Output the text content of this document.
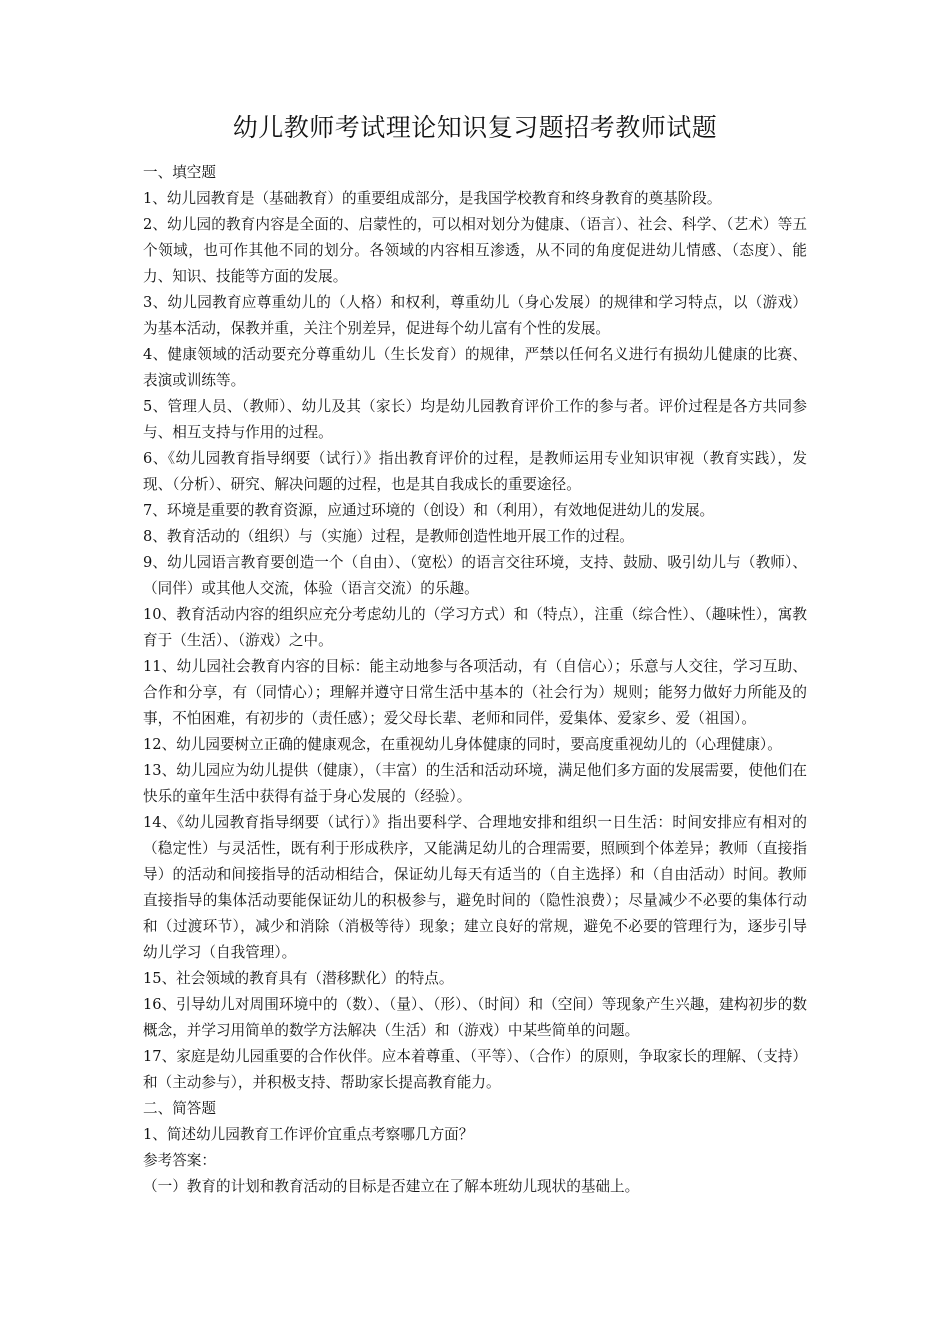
幼儿教师考试理论知识复习题招考教师试题

一、填空题

1、幼儿园教育是（基础教育）的重要组成部分，是我国学校教育和终身教育的奠基阶段。

2、幼儿园的教育内容是全面的、启蒙性的，可以相对划分为健康、（语言）、社会、科学、（艺术）等五个领域，也可作其他不同的划分。各领域的内容相互渗透，从不同的角度促进幼儿情感、（态度）、能力、知识、技能等方面的发展。

3、幼儿园教育应尊重幼儿的（人格）和权利，尊重幼儿（身心发展）的规律和学习特点，以（游戏）为基本活动，保教并重，关注个别差异，促进每个幼儿富有个性的发展。

4、健康领域的活动要充分尊重幼儿（生长发育）的规律，严禁以任何名义进行有损幼儿健康的比赛、表演或训练等。

5、管理人员、（教师）、幼儿及其（家长）均是幼儿园教育评价工作的参与者。评价过程是各方共同参与、相互支持与作用的过程。

6、《幼儿园教育指导纲要（试行）》指出教育评价的过程，是教师运用专业知识审视（教育实践），发现、（分析）、研究、解决问题的过程，也是其自我成长的重要途径。

7、环境是重要的教育资源，应通过环境的（创设）和（利用），有效地促进幼儿的发展。

8、教育活动的（组织）与（实施）过程，是教师创造性地开展工作的过程。

9、幼儿园语言教育要创造一个（自由）、（宽松）的语言交往环境，支持、鼓励、吸引幼儿与（教师）、（同伴）或其他人交流，体验（语言交流）的乐趣。

10、教育活动内容的组织应充分考虑幼儿的（学习方式）和（特点），注重（综合性）、（趣味性），寓教育于（生活）、（游戏）之中。

11、幼儿园社会教育内容的目标：能主动地参与各项活动，有（自信心）；乐意与人交往，学习互助、合作和分享，有（同情心）；理解并遵守日常生活中基本的（社会行为）规则；能努力做好力所能及的事，不怕困难，有初步的（责任感）；爱父母长辈、老师和同伴，爱集体、爱家乡、爱（祖国）。

12、幼儿园要树立正确的健康观念，在重视幼儿身体健康的同时，要高度重视幼儿的（心理健康）。

13、幼儿园应为幼儿提供（健康），（丰富）的生活和活动环境，满足他们多方面的发展需要，使他们在快乐的童年生活中获得有益于身心发展的（经验）。

14、《幼儿园教育指导纲要（试行）》指出要科学、合理地安排和组织一日生活：时间安排应有相对的（稳定性）与灵活性，既有利于形成秩序，又能满足幼儿的合理需要，照顾到个体差异；教师（直接指导）的活动和间接指导的活动相结合，保证幼儿每天有适当的（自主选择）和（自由活动）时间。教师直接指导的集体活动要能保证幼儿的积极参与，避免时间的（隐性浪费）；尽量减少不必要的集体行动和（过渡环节），减少和消除（消极等待）现象；建立良好的常规，避免不必要的管理行为，逐步引导幼儿学习（自我管理）。

15、社会领域的教育具有（潜移默化）的特点。

16、引导幼儿对周围环境中的（数）、（量）、（形）、（时间）和（空间）等现象产生兴趣，建构初步的数概念，并学习用简单的数学方法解决（生活）和（游戏）中某些简单的问题。

17、家庭是幼儿园重要的合作伙伴。应本着尊重、（平等）、（合作）的原则，争取家长的理解、（支持）和（主动参与），并积极支持、帮助家长提高教育能力。

二、简答题

1、简述幼儿园教育工作评价宜重点考察哪几方面？

参考答案：

（一）教育的计划和教育活动的目标是否建立在了解本班幼儿现状的基础上。
